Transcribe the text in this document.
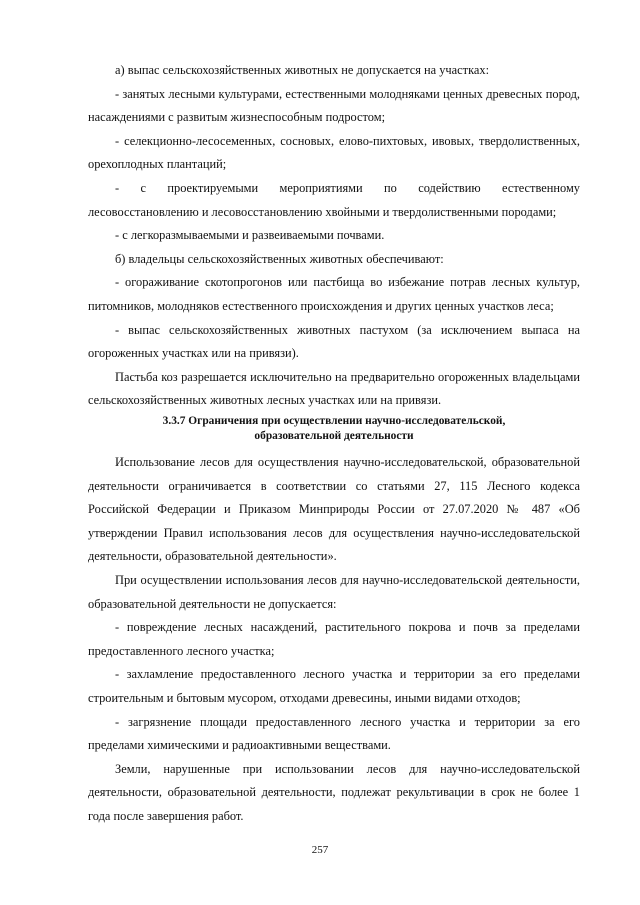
а) выпас сельскохозяйственных животных не допускается на участках:

- занятых лесными культурами, естественными молодняками ценных древесных пород, насаждениями с развитым жизнеспособным подростом;

- селекционно-лесосеменных, сосновых, елово-пихтовых, ивовых, твердолиственных, орехоплодных плантаций;

- с проектируемыми мероприятиями по содействию естественному лесовосстановлению и лесовосстановлению хвойными и твердолиственными породами;

- с легкоразмываемыми и развеиваемыми почвами.

б) владельцы сельскохозяйственных животных обеспечивают:

- огораживание скотопрогонов или пастбища во избежание потрав лесных культур, питомников, молодняков естественного происхождения и других ценных участков леса;

- выпас сельскохозяйственных животных пастухом (за исключением выпаса на огороженных участках или на привязи).

Пастьба коз разрешается исключительно на предварительно огороженных владельцами сельскохозяйственных животных лесных участках или на привязи.

3.3.7 Ограничения при осуществлении научно-исследовательской,
образовательной деятельности

Использование лесов для осуществления научно-исследовательской, образовательной деятельности ограничивается в соответствии со статьями 27, 115 Лесного кодекса Российской Федерации и Приказом Минприроды России от 27.07.2020 № 487 «Об утверждении Правил использования лесов для осуществления научно-исследовательской деятельности, образовательной деятельности».

При осуществлении использования лесов для научно-исследовательской деятельности, образовательной деятельности не допускается:

- повреждение лесных насаждений, растительного покрова и почв за пределами предоставленного лесного участка;

- захламление предоставленного лесного участка и территории за его пределами строительным и бытовым мусором, отходами древесины, иными видами отходов;

- загрязнение площади предоставленного лесного участка и территории за его пределами химическими и радиоактивными веществами.

Земли, нарушенные при использовании лесов для научно-исследовательской деятельности, образовательной деятельности, подлежат рекультивации в срок не более 1 года после завершения работ.

257
